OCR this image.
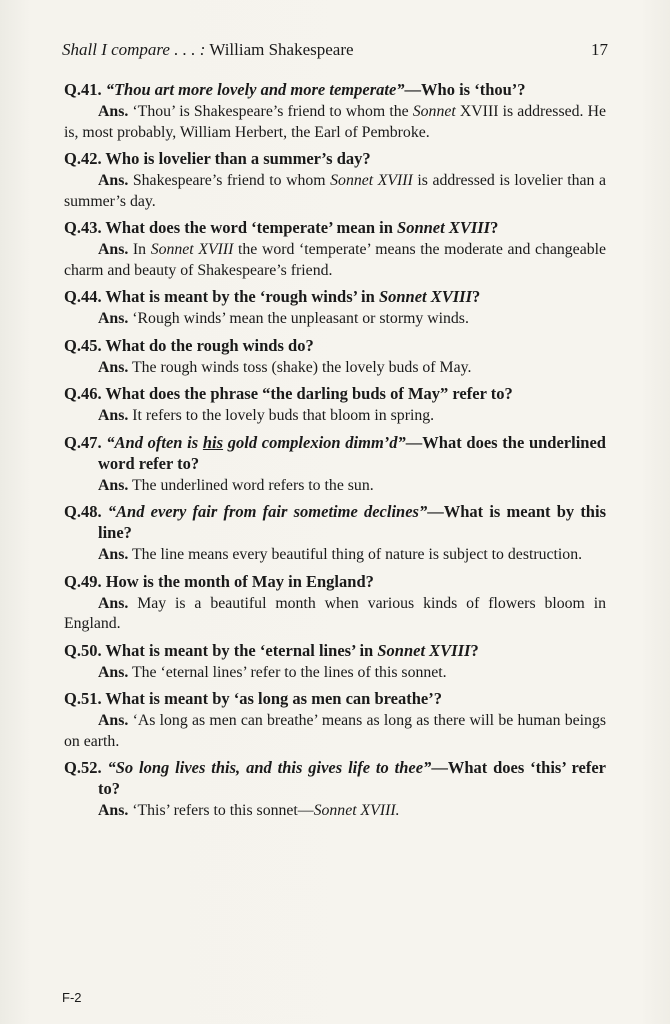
Shall I compare . . . : William Shakespeare	17
Q.41. “Thou art more lovely and more temperate”—Who is ‘thou’?
Ans. ‘Thou’ is Shakespeare’s friend to whom the Sonnet XVIII is addressed. He is, most probably, William Herbert, the Earl of Pembroke.
Q.42. Who is lovelier than a summer’s day?
Ans. Shakespeare’s friend to whom Sonnet XVIII is addressed is lovelier than a summer’s day.
Q.43. What does the word ‘temperate’ mean in Sonnet XVIII?
Ans. In Sonnet XVIII the word ‘temperate’ means the moderate and changeable charm and beauty of Shakespeare’s friend.
Q.44. What is meant by the ‘rough winds’ in Sonnet XVIII?
Ans. ‘Rough winds’ mean the unpleasant or stormy winds.
Q.45. What do the rough winds do?
Ans. The rough winds toss (shake) the lovely buds of May.
Q.46. What does the phrase “the darling buds of May” refer to?
Ans. It refers to the lovely buds that bloom in spring.
Q.47. “And often is his gold complexion dimm’d”—What does the underlined word refer to?
Ans. The underlined word refers to the sun.
Q.48. “And every fair from fair sometime declines”—What is meant by this line?
Ans. The line means every beautiful thing of nature is subject to destruction.
Q.49. How is the month of May in England?
Ans. May is a beautiful month when various kinds of flowers bloom in England.
Q.50. What is meant by the ‘eternal lines’ in Sonnet XVIII?
Ans. The ‘eternal lines’ refer to the lines of this sonnet.
Q.51. What is meant by ‘as long as men can breathe’?
Ans. ‘As long as men can breathe’ means as long as there will be human beings on earth.
Q.52. “So long lives this, and this gives life to thee”—What does ‘this’ refer to?
Ans. ‘This’ refers to this sonnet—Sonnet XVIII.
F-2
